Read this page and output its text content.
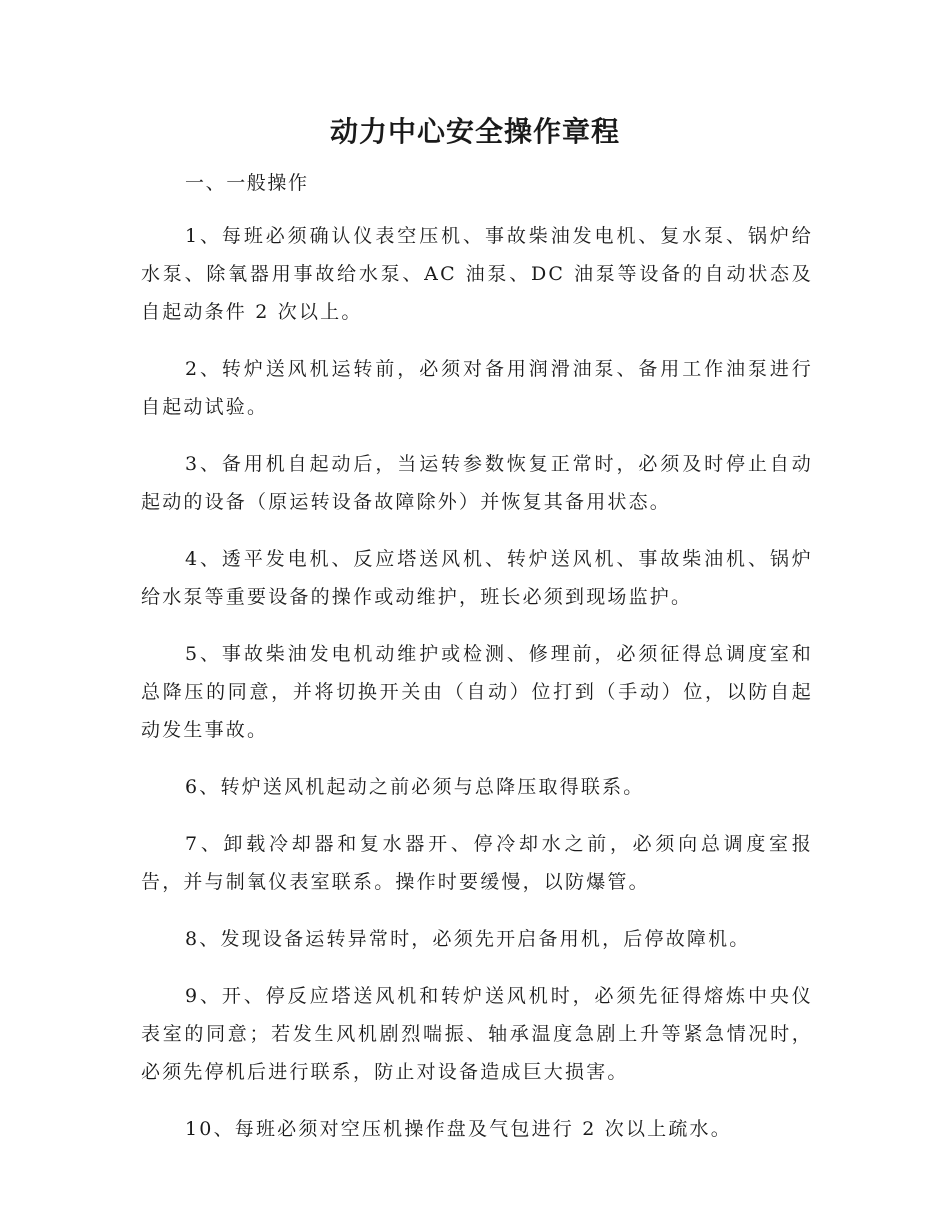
动力中心安全操作章程

一、一般操作

1、每班必须确认仪表空压机、事故柴油发电机、复水泵、锅炉给水泵、除氧器用事故给水泵、AC 油泵、DC 油泵等设备的自动状态及自起动条件 2 次以上。

2、转炉送风机运转前，必须对备用润滑油泵、备用工作油泵进行自起动试验。

3、备用机自起动后，当运转参数恢复正常时，必须及时停止自动起动的设备（原运转设备故障除外）并恢复其备用状态。

4、透平发电机、反应塔送风机、转炉送风机、事故柴油机、锅炉给水泵等重要设备的操作或动维护，班长必须到现场监护。

5、事故柴油发电机动维护或检测、修理前，必须征得总调度室和总降压的同意，并将切换开关由（自动）位打到（手动）位，以防自起动发生事故。

6、转炉送风机起动之前必须与总降压取得联系。

7、卸载冷却器和复水器开、停冷却水之前，必须向总调度室报告，并与制氧仪表室联系。操作时要缓慢，以防爆管。

8、发现设备运转异常时，必须先开启备用机，后停故障机。

9、开、停反应塔送风机和转炉送风机时，必须先征得熔炼中央仪表室的同意；若发生风机剧烈喘振、轴承温度急剧上升等紧急情况时，必须先停机后进行联系，防止对设备造成巨大损害。

10、每班必须对空压机操作盘及气包进行 2 次以上疏水。
